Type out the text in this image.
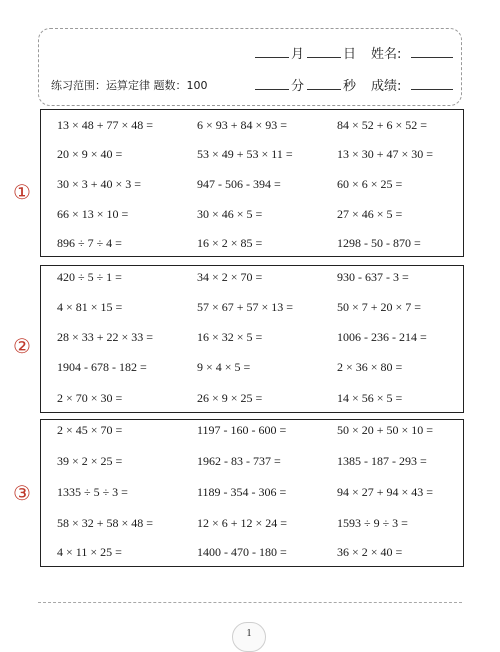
月	日 姓名:
练习范围：运算定律 题数：100	分	秒 成绩:
①
13 × 48 + 77 × 48 =	6 × 93 + 84 × 93 =	84 × 52 + 6 × 52 =
20 × 9 × 40 =	53 × 49 + 53 × 11 =	13 × 30 + 47 × 30 =
30 × 3 + 40 × 3 =	947 - 506 - 394 =	60 × 6 × 25 =
66 × 13 × 10 =	30 × 46 × 5 =	27 × 46 × 5 =
896 ÷ 7 ÷ 4 =	16 × 2 × 85 =	1298 - 50 - 870 =
②
420 ÷ 5 ÷ 1 =	34 × 2 × 70 =	930 - 637 - 3 =
4 × 81 × 15 =	57 × 67 + 57 × 13 =	50 × 7 + 20 × 7 =
28 × 33 + 22 × 33 =	16 × 32 × 5 =	1006 - 236 - 214 =
1904 - 678 - 182 =	9 × 4 × 5 =	2 × 36 × 80 =
2 × 70 × 30 =	26 × 9 × 25 =	14 × 56 × 5 =
③
2 × 45 × 70 =	1197 - 160 - 600 =	50 × 20 + 50 × 10 =
39 × 2 × 25 =	1962 - 83 - 737 =	1385 - 187 - 293 =
1335 ÷ 5 ÷ 3 =	1189 - 354 - 306 =	94 × 27 + 94 × 43 =
58 × 32 + 58 × 48 =	12 × 6 + 12 × 24 =	1593 ÷ 9 ÷ 3 =
4 × 11 × 25 =	1400 - 470 - 180 =	36 × 2 × 40 =
1
